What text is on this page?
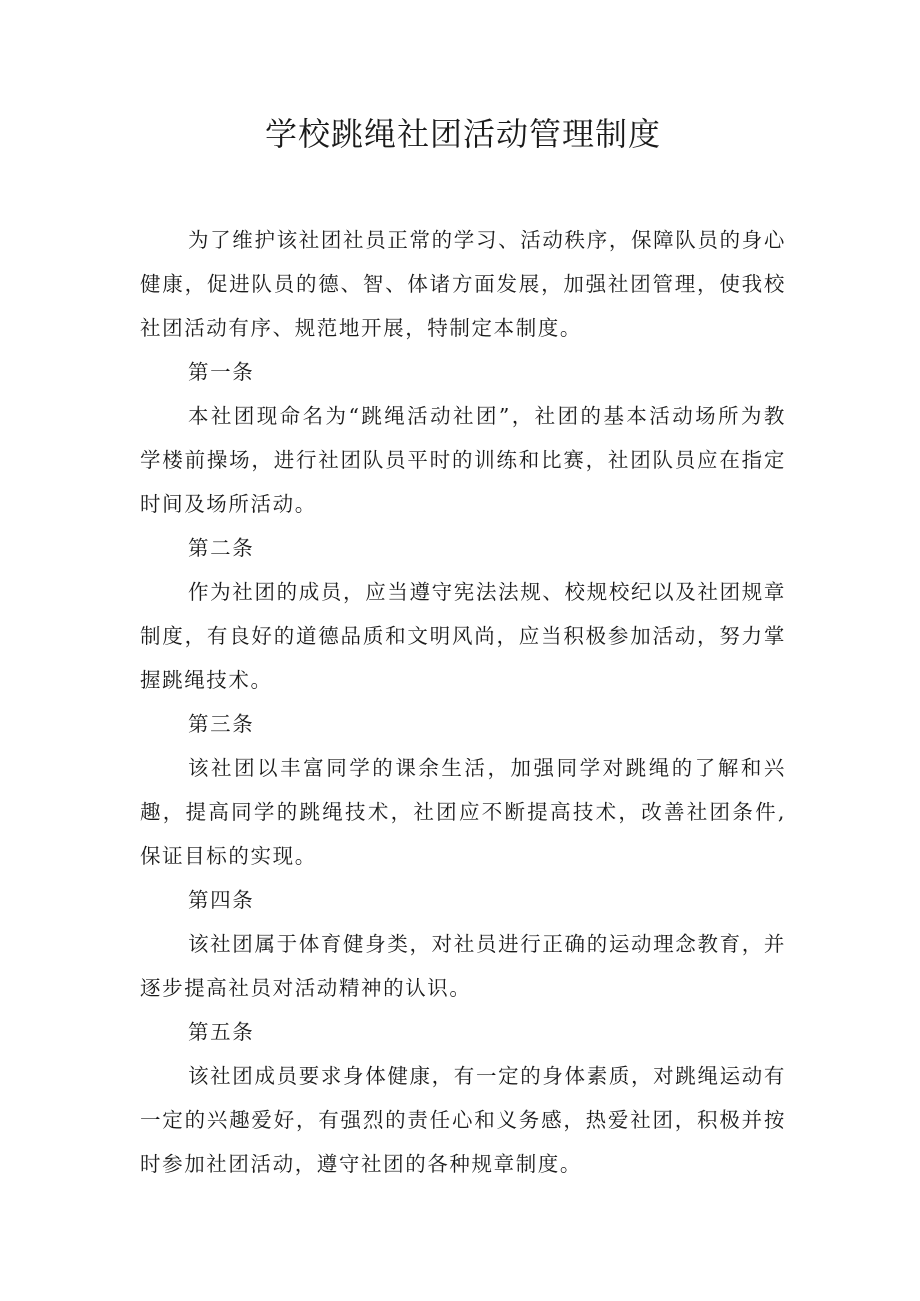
学校跳绳社团活动管理制度

为了维护该社团社员正常的学习、活动秩序，保障队员的身心健康，促进队员的德、智、体诸方面发展，加强社团管理，使我校社团活动有序、规范地开展，特制定本制度。

第一条

本社团现命名为“跳绳活动社团”，社团的基本活动场所为教学楼前操场，进行社团队员平时的训练和比赛，社团队员应在指定时间及场所活动。

第二条

作为社团的成员，应当遵守宪法法规、校规校纪以及社团规章制度，有良好的道德品质和文明风尚，应当积极参加活动，努力掌握跳绳技术。

第三条

该社团以丰富同学的课余生活，加强同学对跳绳的了解和兴趣，提高同学的跳绳技术，社团应不断提高技术，改善社团条件,保证目标的实现。

第四条

该社团属于体育健身类，对社员进行正确的运动理念教育，并逐步提高社员对活动精神的认识。

第五条

该社团成员要求身体健康，有一定的身体素质，对跳绳运动有一定的兴趣爱好，有强烈的责任心和义务感，热爱社团，积极并按时参加社团活动，遵守社团的各种规章制度。
